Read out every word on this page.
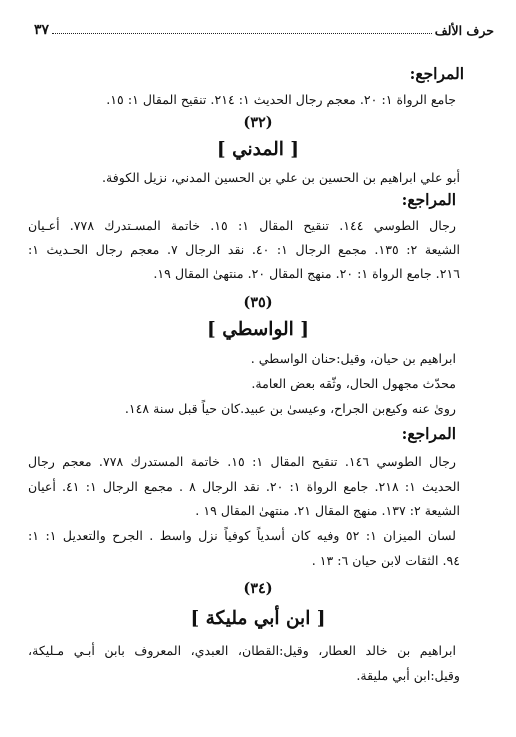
حرف الألف
٣٧
المراجع:
جامع الرواة ١: ٢٠. معجم رجال الحديث ١: ٢١٤. تنقيح المقال ١: ١٥.
(٣٢)
[ المدني ]
أبو علي ابراهيم بن الحسين بن علي بن الحسين المدني، نزيل الكوفة.
المراجع:
رجال الطوسي ١٤٤. تنقيح المقال ١: ١٥. خاتمة المسـتدرك ٧٧٨. أعـيان
الشيعة ٢: ١٣٥. مجمع الرجال ١: ٤٠. نقد الرجال ٧. معجم رجال الحـديث ١:
٢١٦. جامع الرواة ١: ٢٠. منهج المقال ٢٠. منتهىٰ المقال ١٩.
(٣٥)
[ الواسطي ]
ابراهيم بن حيان، وقيل:حنان الواسطي .
محدّث مجهول الحال، وثّقه بعض العامة.
روىٰ عنه وكيع‌بن الجراح، وعيسىٰ بن عبيد.كان حياً قبل سنة ١٤٨.
المراجع:
رجال الطوسي ١٤٦. تنقيح المقال ١: ١٥. خاتمة المستدرك ٧٧٨. معجم رجال
الحديث ١: ٢١٨. جامع الرواة ١: ٢٠. نقد الرجال ٨ . مجمع الرجال ١: ٤١. أعيان
الشيعة ٢: ١٣٧. منهج المقال ٢١. منتهىٰ المقال ١٩ .
لسان الميزان ١: ٥٢ وفيه كان أسدياً كوفياً نزل واسط . الجرح والتعديل ١: ١:
٩٤. الثقات لابن حيان ٦: ١٣ .
(٣٤)
[ ابن أبي مليكة ]
ابراهيم بن خالد العطار، وقيل:القطان، العبدي، المعروف بابن أبـي مـليكة،
وقيل:ابن أبي مليقة.
